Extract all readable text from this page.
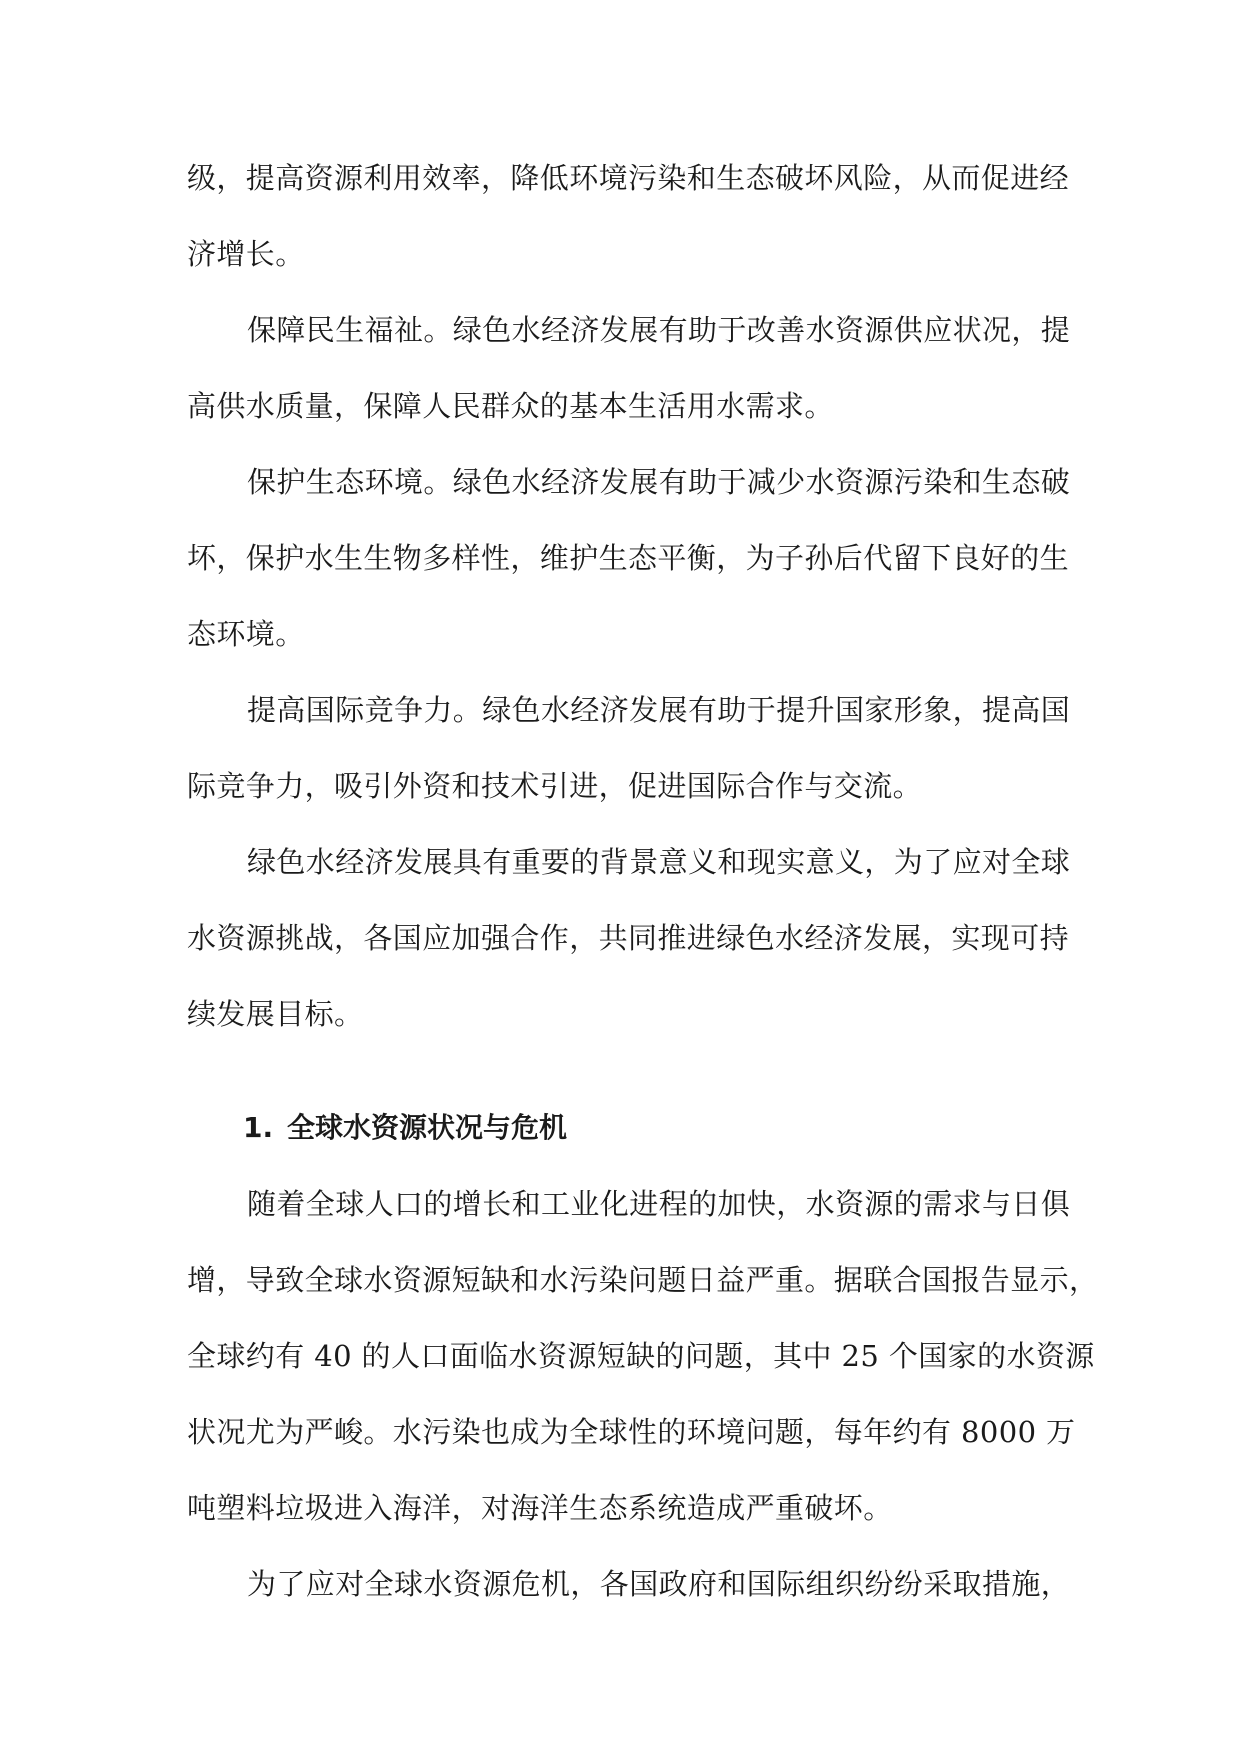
级，提高资源利用效率，降低环境污染和生态破坏风险，从而促进经
济增长。
保障民生福祉。绿色水经济发展有助于改善水资源供应状况，提
高供水质量，保障人民群众的基本生活用水需求。
保护生态环境。绿色水经济发展有助于减少水资源污染和生态破
坏，保护水生生物多样性，维护生态平衡，为子孙后代留下良好的生
态环境。
提高国际竞争力。绿色水经济发展有助于提升国家形象，提高国
际竞争力，吸引外资和技术引进，促进国际合作与交流。
绿色水经济发展具有重要的背景意义和现实意义，为了应对全球
水资源挑战，各国应加强合作，共同推进绿色水经济发展，实现可持
续发展目标。
1. 全球水资源状况与危机
随着全球人口的增长和工业化进程的加快，水资源的需求与日俱
增，导致全球水资源短缺和水污染问题日益严重。据联合国报告显示，
全球约有 40 的人口面临水资源短缺的问题，其中 25 个国家的水资源
状况尤为严峻。水污染也成为全球性的环境问题，每年约有 8000 万
吨塑料垃圾进入海洋，对海洋生态系统造成严重破坏。
为了应对全球水资源危机，各国政府和国际组织纷纷采取措施，
